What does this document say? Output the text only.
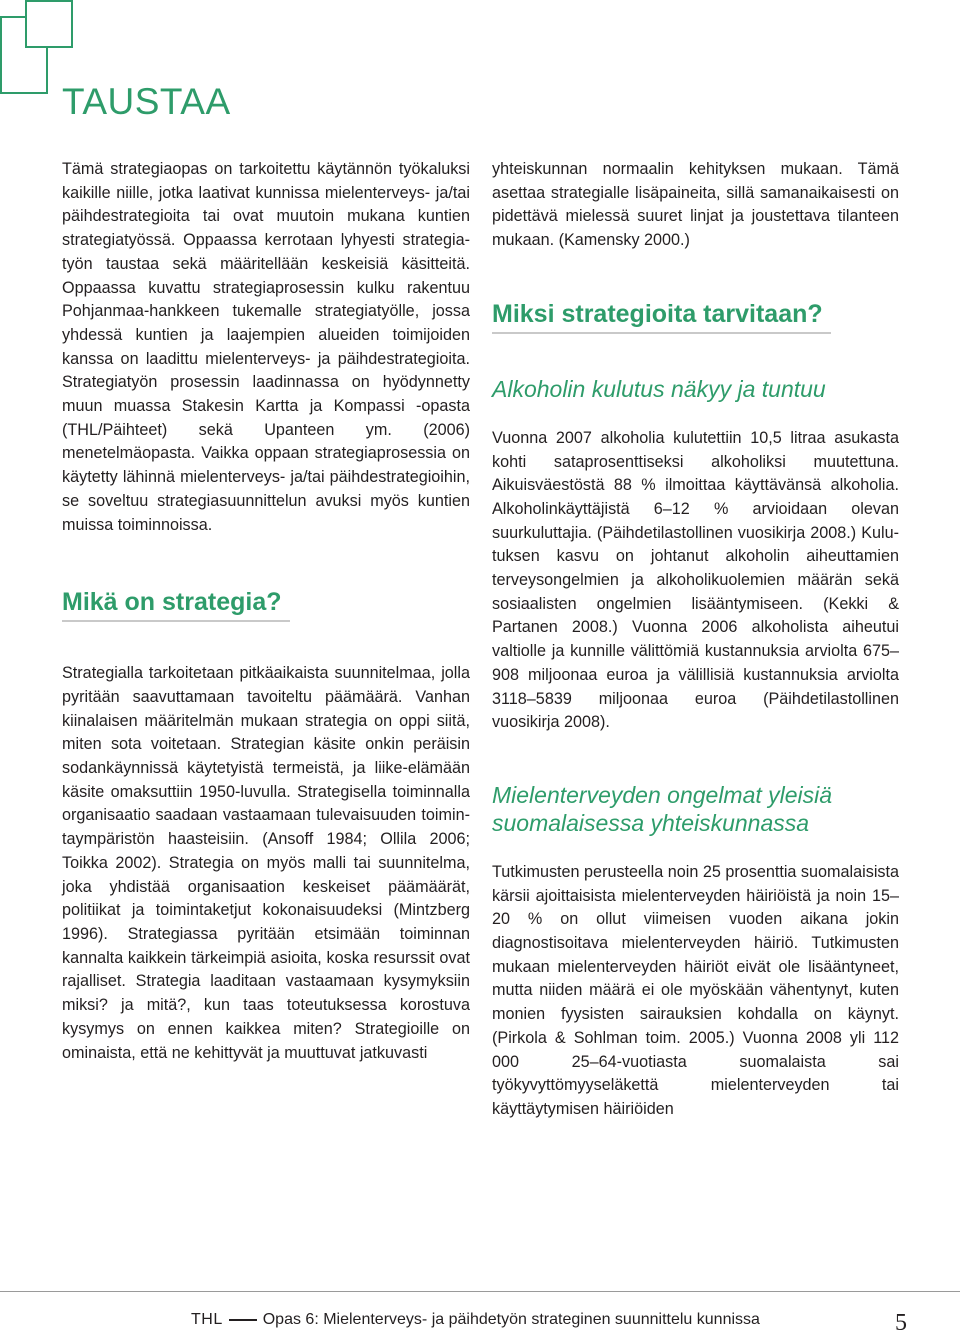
TAUSTAA

Tämä strategiaopas on tarkoitettu käytännön työkaluksi kaikille niille, jotka laativat kunnissa mielenterveys- ja/tai päihdestrategioita tai ovat muutoin mukana kuntien strategiatyössä. Oppaassa kerrotaan lyhyesti strategiatyön taustaa sekä määritellään keskeisiä käsitteitä. Oppaassa kuvattu strategiaprosessin kulku rakentuu Pohjanmaa-hankkeen tukemalle strategiatyölle, jossa yhdessä kuntien ja laajempien alueiden toimijoiden kanssa on laadittu mielenterveys- ja päihdestrategioita. Strategiatyön prosessin laadinnassa on hyödynnetty muun muassa Stakesin Kartta ja Kompassi -opasta (THL/Päihteet) sekä Upanteen ym. (2006) menetelmäopasta. Vaikka oppaan strategiaprosessia on käytetty lähinnä mielenterveys- ja/tai päihdestrategioihin, se soveltuu strategiasuunnittelun avuksi myös kuntien muissa toiminnoissa.

Mikä on strategia?

Strategialla tarkoitetaan pitkäaikaista suunnitelmaa, jolla pyritään saavuttamaan tavoiteltu päämäärä. Vanhan kiinalaisen määritelmän mukaan strategia on oppi siitä, miten sota voitetaan. Strategian käsite onkin peräisin sodankäynnissä käytetyistä termeistä, ja liike-elämään käsite omaksuttiin 1950-luvulla. Strategisella toiminnalla organisaatio saadaan vastaamaan tulevaisuuden toimintaympäristön haasteisiin. (Ansoff 1984; Ollila 2006; Toikka 2002). Strategia on myös malli tai suunnitelma, joka yhdistää organisaation keskeiset päämäärät, politiikat ja toimintaketjut kokonaisuudeksi (Mintzberg 1996). Strategiassa pyritään etsimään toiminnan kannalta kaikkein tärkeimpiä asioita, koska resurssit ovat rajalliset. Strategia laaditaan vastaamaan kysymyksiin miksi? ja mitä?, kun taas toteutuksessa korostuva kysymys on ennen kaikkea miten? Strategioille on ominaista, että ne kehittyvät ja muuttuvat jatkuvasti

yhteiskunnan normaalin kehityksen mukaan. Tämä asettaa strategialle lisäpaineita, sillä samanaikaisesti on pidettävä mielessä suuret linjat ja joustettava tilanteen mukaan. (Kamensky 2000.)

Miksi strategioita tarvitaan?
Alkoholin kulutus näkyy ja tuntuu

Vuonna 2007 alkoholia kulutettiin 10,5 litraa asukasta kohti sataprosenttiseksi alkoholiksi muutettuna. Aikuisväestöstä 88 % ilmoittaa käyttävänsä alkoholia. Alkoholinkäyttäjistä 6–12 % arvioidaan olevan suurkuluttajia. (Päihdetilastollinen vuosikirja 2008.) Kulutuksen kasvu on johtanut alkoholin aiheuttamien terveysongelmien ja alkoholikuolemien määrän sekä sosiaalisten ongelmien lisääntymiseen. (Kekki & Partanen 2008.) Vuonna 2006 alkoholista aiheutui valtiolle ja kunnille välittömiä kustannuksia arviolta 675–908 miljoonaa euroa ja välillisiä kustannuksia arviolta 3118–5839 miljoonaa euroa (Päihdetilastollinen vuosikirja 2008).

Mielenterveyden ongelmat yleisiä suomalaisessa yhteiskunnassa

Tutkimusten perusteella noin 25 prosenttia suomalaisista kärsii ajoittaisista mielenterveyden häiriöistä ja noin 15–20 % on ollut viimeisen vuoden aikana jokin diagnostisoitava mielenterveyden häiriö. Tutkimusten mukaan mielenterveyden häiriöt eivät ole lisääntyneet, mutta niiden määrä ei ole myöskään vähentynyt, kuten monien fyysisten sairauksien kohdalla on käynyt. (Pirkola & Sohlman toim. 2005.) Vuonna 2008 yli 112 000 25–64-vuotiasta suomalaista sai työkyvyttömyyseläkettä mielenterveyden tai käyttäytymisen häiriöiden

THL	Opas 6: Mielenterveys- ja päihdetyön strateginen suunnittelu kunnissa	5
